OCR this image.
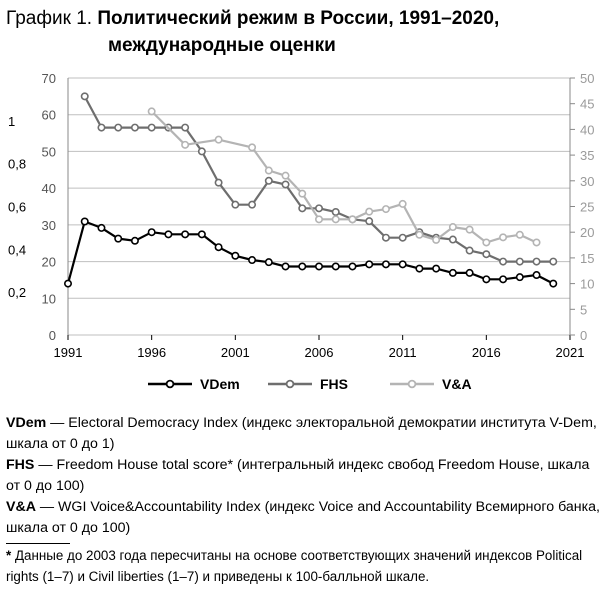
График 1. Политический режим в России, 1991–2020,
международные оценки
1991	1996	2001	2006	2011	2016	2021
0
10
20
30
40
50
60
70
0,2
0,4
0,6
0,8
1
0
5
10
15
20
25
30
35
40
45
50
VDem	FHS	V&A

VDem — Electoral Democracy Index (индекс электоральной демократии института V-Dem, шкала от 0 до 1)

FHS — Freedom House total score* (интегральный индекс свобод Freedom House, шкала от 0 до 100)

V&A — WGI Voice&Accountability Index (индекс Voice and Accountability Всемирного банка, шкала от 0 до 100)

* Данные до 2003 года пересчитаны на основе соответствующих значений индексов Political rights (1–7) и Civil liberties (1–7) и приведены к 100-балльной шкале.
